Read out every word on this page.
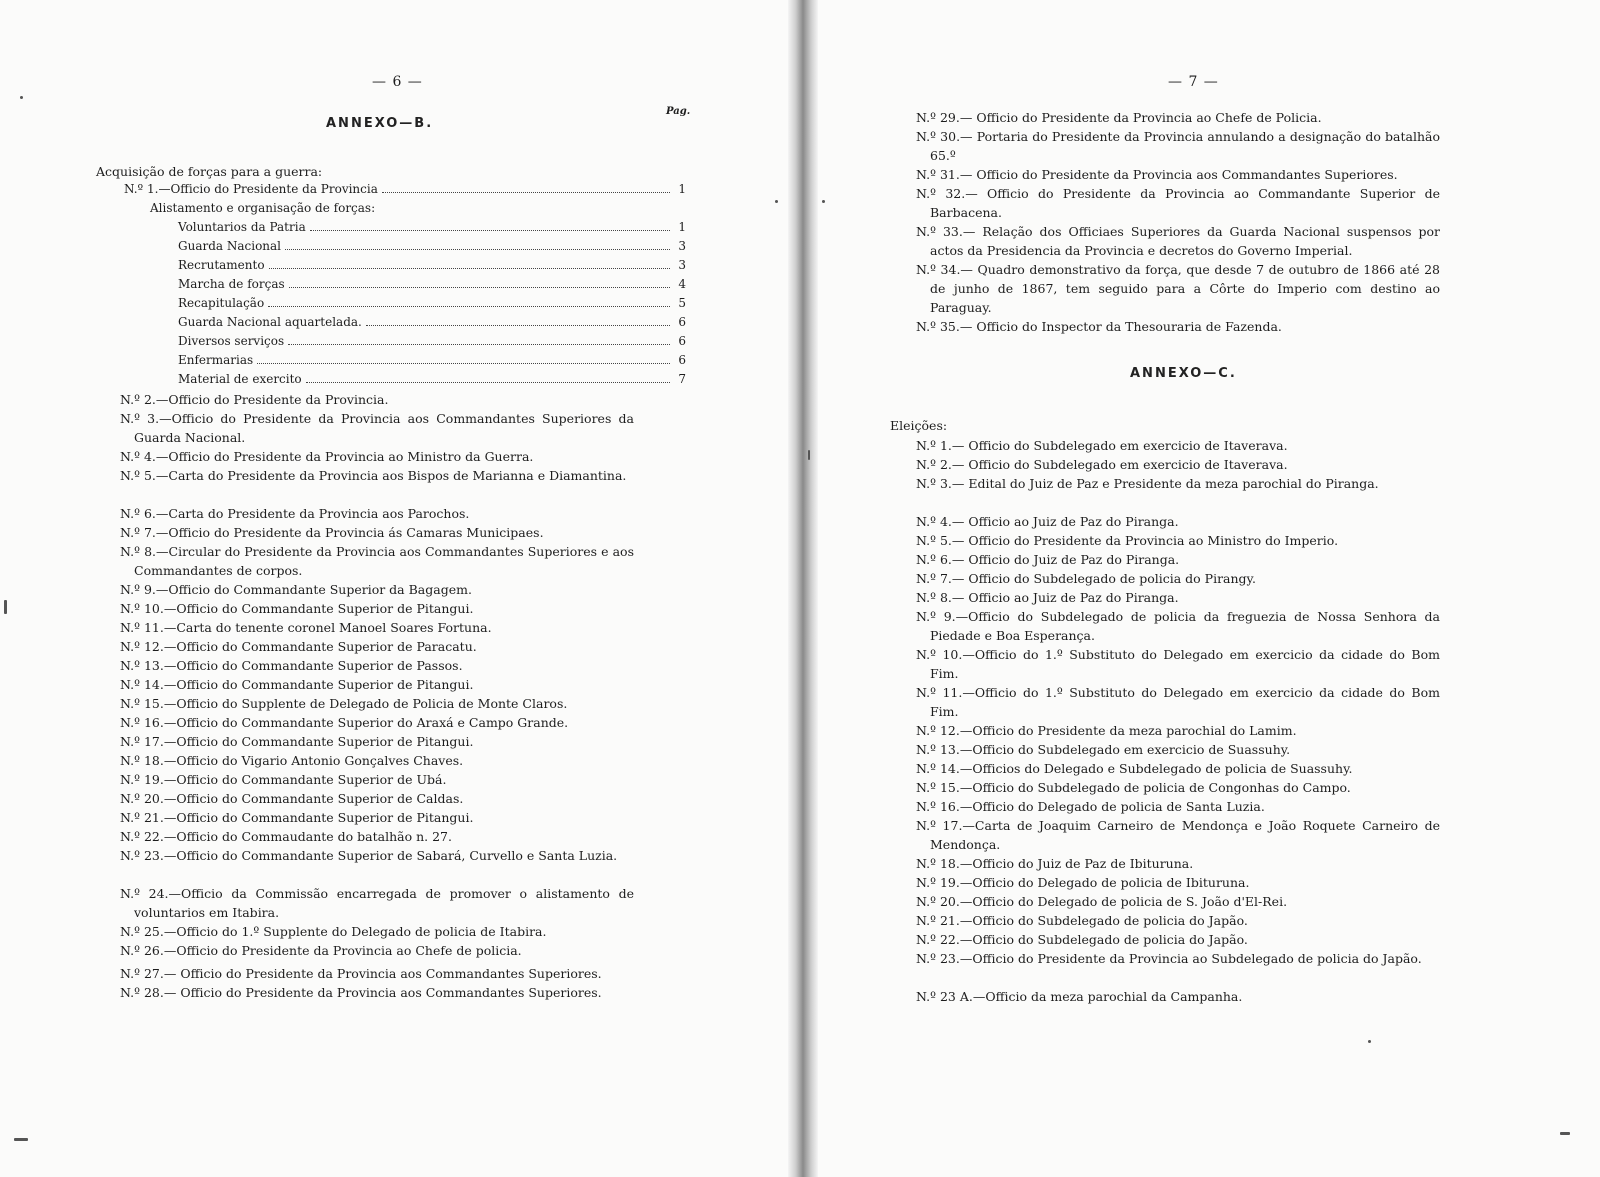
— 6 —
Pag.
ANNEXO—B.
Acquisição de forças para a guerra:
N.º 1.—Officio do Presidente da Provincia	1
Alistamento e organisação de forças:
Voluntarios da Patria	1
Guarda Nacional	3
Recrutamento	3
Marcha de forças	4
Recapitulação	5
Guarda Nacional aquartelada.	6
Diversos serviços	6
Enfermarias	6
Material de exercito	7
N.º 2.—Officio do Presidente da Provincia.
N.º 3.—Officio do Presidente da Provincia aos Commandantes Superiores da Guarda Nacional.
N.º 4.—Officio do Presidente da Provincia ao Ministro da Guerra.
N.º 5.—Carta do Presidente da Provincia aos Bispos de Marianna e Diamantina.
N.º 6.—Carta do Presidente da Provincia aos Parochos.
N.º 7.—Officio do Presidente da Provincia ás Camaras Municipaes.
N.º 8.—Circular do Presidente da Provincia aos Commandantes Superiores e aos Commandantes de corpos.
N.º 9.—Officio do Commandante Superior da Bagagem.
N.º 10.—Officio do Commandante Superior de Pitangui.
N.º 11.—Carta do tenente coronel Manoel Soares Fortuna.
N.º 12.—Officio do Commandante Superior de Paracatu.
N.º 13.—Officio do Commandante Superior de Passos.
N.º 14.—Officio do Commandante Superior de Pitangui.
N.º 15.—Officio do Supplente de Delegado de Policia de Monte Claros.
N.º 16.—Officio do Commandante Superior do Araxá e Campo Grande.
N.º 17.—Officio do Commandante Superior de Pitangui.
N.º 18.—Officio do Vigario Antonio Gonçalves Chaves.
N.º 19.—Officio do Commandante Superior de Ubá.
N.º 20.—Officio do Commandante Superior de Caldas.
N.º 21.—Officio do Commandante Superior de Pitangui.
N.º 22.—Officio do Commaudante do batalhão n. 27.
N.º 23.—Officio do Commandante Superior de Sabará, Curvello e Santa Luzia.
N.º 24.—Officio da Commissão encarregada de promover o alistamento de voluntarios em Itabira.
N.º 25.—Officio do 1.º Supplente do Delegado de policia de Itabira.
N.º 26.—Officio do Presidente da Provincia ao Chefe de policia.
N.º 27.— Officio do Presidente da Provincia aos Commandantes Superiores.
N.º 28.— Officio do Presidente da Provincia aos Commandantes Superiores.
— 7 —
N.º 29.— Officio do Presidente da Provincia ao Chefe de Policia.
N.º 30.— Portaria do Presidente da Provincia annulando a designação do batalhão 65.º
N.º 31.— Officio do Presidente da Provincia aos Commandantes Superiores.
N.º 32.— Officio do Presidente da Provincia ao Commandante Superior de Barbacena.
N.º 33.— Relação dos Officiaes Superiores da Guarda Nacional suspensos por actos da Presidencia da Provincia e decretos do Governo Imperial.
N.º 34.— Quadro demonstrativo da força, que desde 7 de outubro de 1866 até 28 de junho de 1867, tem seguido para a Côrte do Imperio com destino ao Paraguay.
N.º 35.— Officio do Inspector da Thesouraria de Fazenda.
ANNEXO—C.
Eleições:
N.º 1.— Officio do Subdelegado em exercicio de Itaverava.
N.º 2.— Officio do Subdelegado em exercicio de Itaverava.
N.º 3.— Edital do Juiz de Paz e Presidente da meza parochial do Piranga.
N.º 4.— Officio ao Juiz de Paz do Piranga.
N.º 5.— Officio do Presidente da Provincia ao Ministro do Imperio.
N.º 6.— Officio do Juiz de Paz do Piranga.
N.º 7.— Officio do Subdelegado de policia do Pirangy.
N.º 8.— Officio ao Juiz de Paz do Piranga.
N.º 9.—Officio do Subdelegado de policia da freguezia de Nossa Senhora da Piedade e Boa Esperança.
N.º 10.—Officio do 1.º Substituto do Delegado em exercicio da cidade do Bom Fim.
N.º 11.—Officio do 1.º Substituto do Delegado em exercicio da cidade do Bom Fim.
N.º 12.—Officio do Presidente da meza parochial do Lamim.
N.º 13.—Officio do Subdelegado em exercicio de Suassuhy.
N.º 14.—Officios do Delegado e Subdelegado de policia de Suassuhy.
N.º 15.—Officio do Subdelegado de policia de Congonhas do Campo.
N.º 16.—Officio do Delegado de policia de Santa Luzia.
N.º 17.—Carta de Joaquim Carneiro de Mendonça e João Roquete Carneiro de Mendonça.
N.º 18.—Officio do Juiz de Paz de Ibituruna.
N.º 19.—Officio do Delegado de policia de Ibituruna.
N.º 20.—Officio do Delegado de policia de S. João d'El-Rei.
N.º 21.—Officio do Subdelegado de policia do Japão.
N.º 22.—Officio do Subdelegado de policia do Japão.
N.º 23.—Officio do Presidente da Provincia ao Subdelegado de policia do Japão.
N.º 23 A.—Officio da meza parochial da Campanha.
